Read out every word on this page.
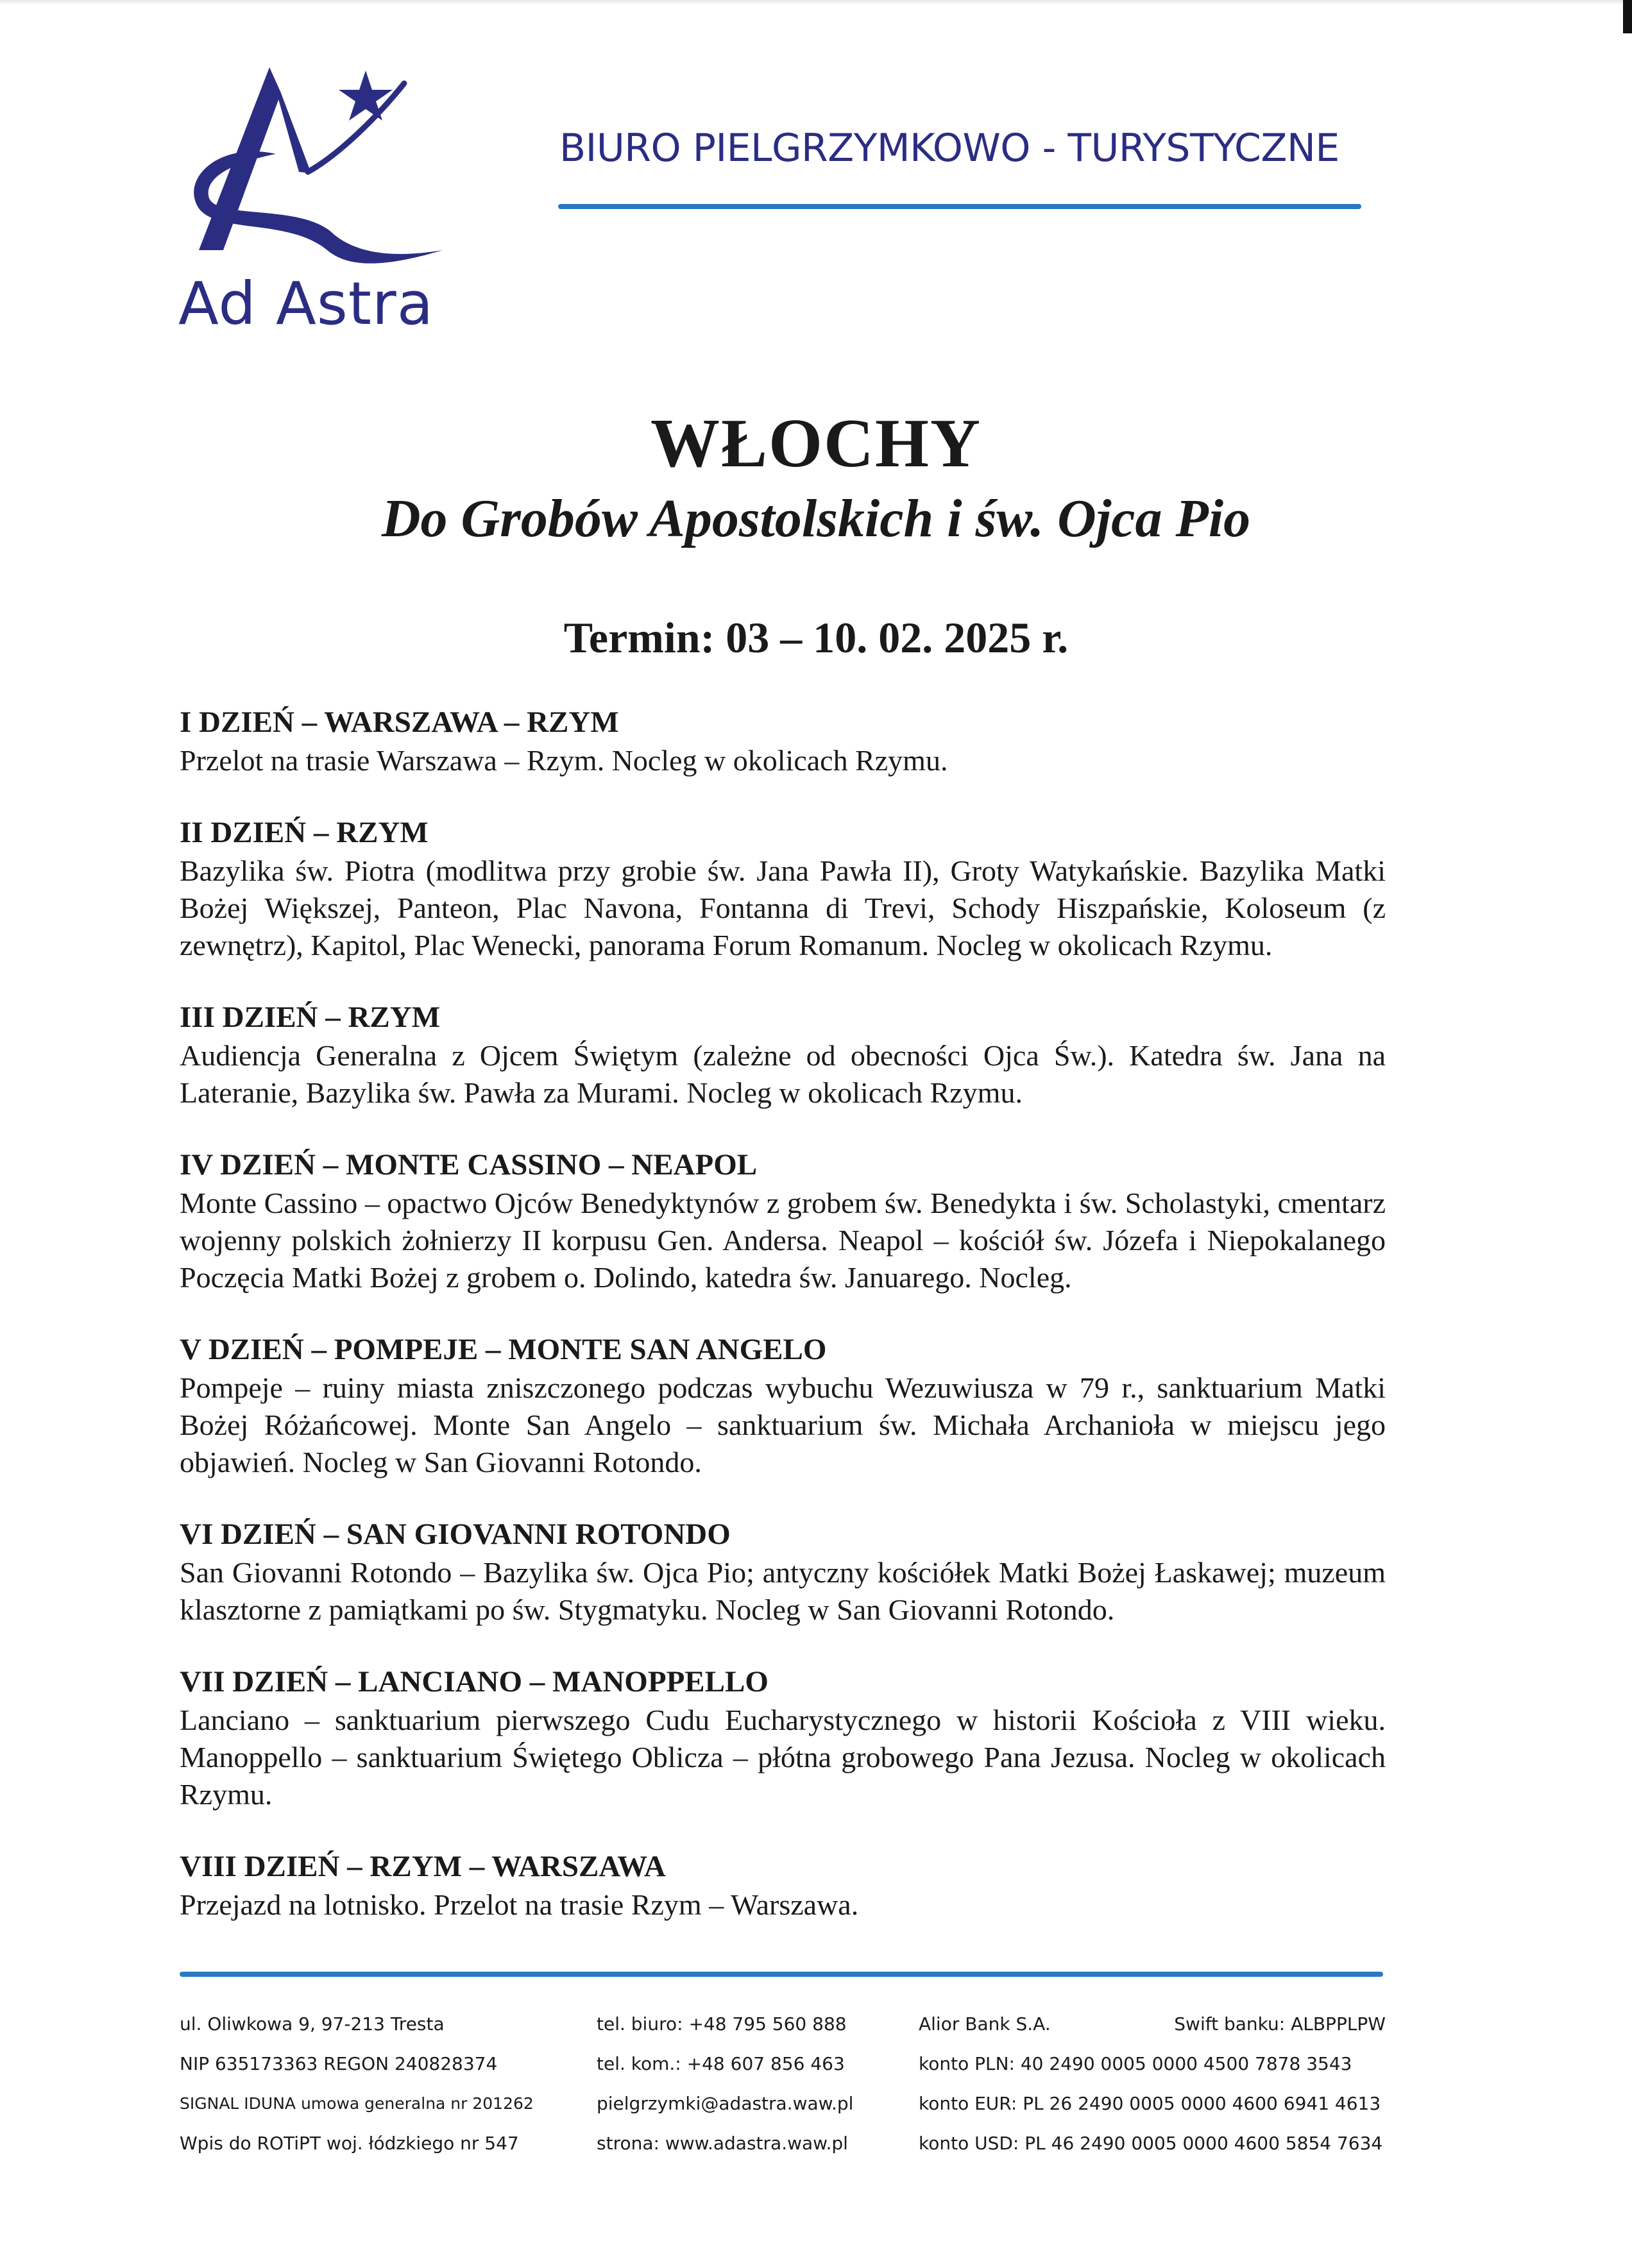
Ad Astra
BIURO PIELGRZYMKOWO - TURYSTYCZNE
WŁOCHY
Do Grobów Apostolskich i św. Ojca Pio
Termin: 03 – 10. 02. 2025 r.
I DZIEŃ – WARSZAWA – RZYM
Przelot na trasie Warszawa – Rzym. Nocleg w okolicach Rzymu.
II DZIEŃ – RZYM
Bazylika św. Piotra (modlitwa przy grobie św. Jana Pawła II), Groty Watykańskie. Bazylika Matki Bożej Większej, Panteon, Plac Navona, Fontanna di Trevi, Schody Hiszpańskie, Koloseum (z zewnętrz), Kapitol, Plac Wenecki, panorama Forum Romanum. Nocleg w okolicach Rzymu.
III DZIEŃ – RZYM
Audiencja Generalna z Ojcem Świętym (zależne od obecności Ojca Św.). Katedra św. Jana na Lateranie, Bazylika św. Pawła za Murami. Nocleg w okolicach Rzymu.
IV DZIEŃ – MONTE CASSINO – NEAPOL
Monte Cassino – opactwo Ojców Benedyktynów z grobem św. Benedykta i św. Scholastyki, cmentarz wojenny polskich żołnierzy II korpusu Gen. Andersa. Neapol – kościół św. Józefa i Niepokalanego Poczęcia Matki Bożej z grobem o. Dolindo, katedra św. Januarego. Nocleg.
V DZIEŃ – POMPEJE – MONTE SAN ANGELO
Pompeje – ruiny miasta zniszczonego podczas wybuchu Wezuwiusza w 79 r., sanktuarium Matki Bożej Różańcowej. Monte San Angelo – sanktuarium św. Michała Archanioła w miejscu jego objawień. Nocleg w San Giovanni Rotondo.
VI DZIEŃ – SAN GIOVANNI ROTONDO
San Giovanni Rotondo – Bazylika św. Ojca Pio; antyczny kościółek Matki Bożej Łaskawej; muzeum klasztorne z pamiątkami po św. Stygmatyku. Nocleg w San Giovanni Rotondo.
VII DZIEŃ – LANCIANO – MANOPPELLO
Lanciano – sanktuarium pierwszego Cudu Eucharystycznego w historii Kościoła z VIII wieku. Manoppello – sanktuarium Świętego Oblicza – płótna grobowego Pana Jezusa. Nocleg w okolicach Rzymu.
VIII DZIEŃ – RZYM – WARSZAWA
Przejazd na lotnisko. Przelot na trasie Rzym – Warszawa.
ul. Oliwkowa 9, 97-213 Tresta
NIP 635173363 REGON 240828374
SIGNAL IDUNA umowa generalna nr 201262
Wpis do ROTiPT woj. łódzkiego nr 547
tel. biuro: +48 795 560 888
tel. kom.: +48 607 856 463
pielgrzymki@adastra.waw.pl
strona: www.adastra.waw.pl
Alior Bank S.A.	Swift banku: ALBPPLPW
konto PLN: 40 2490 0005 0000 4500 7878 3543
konto EUR: PL 26 2490 0005 0000 4600 6941 4613
konto USD: PL 46 2490 0005 0000 4600 5854 7634
